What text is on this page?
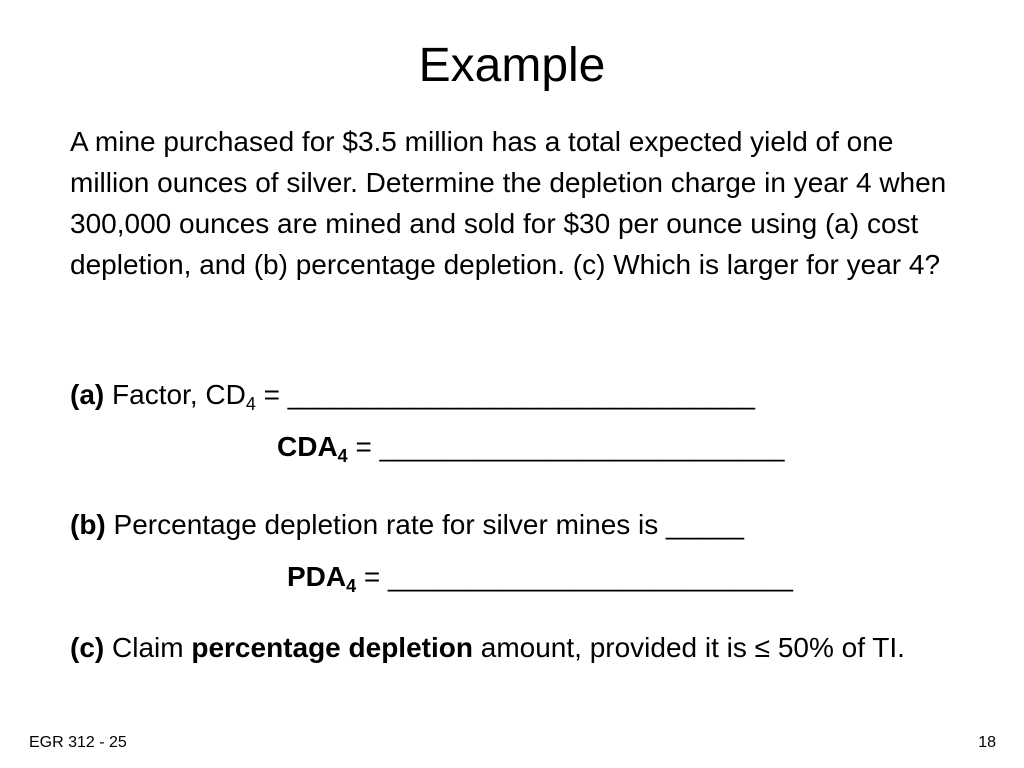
Example

A mine purchased for $3.5 million has a total expected yield of one million ounces of silver. Determine the depletion charge in year 4 when 300,000 ounces are mined and sold for $30 per ounce using (a) cost depletion, and (b) percentage depletion. (c) Which is larger for year 4?

(a) Factor, $CD_4$ = ______________________________
$CDA_4$ = __________________________
(b) Percentage depletion rate for silver mines is _____
$PDA_4$ = __________________________
(c) Claim percentage depletion amount, provided it is ≤ 50% of TI.
EGR 312 - 25	18
